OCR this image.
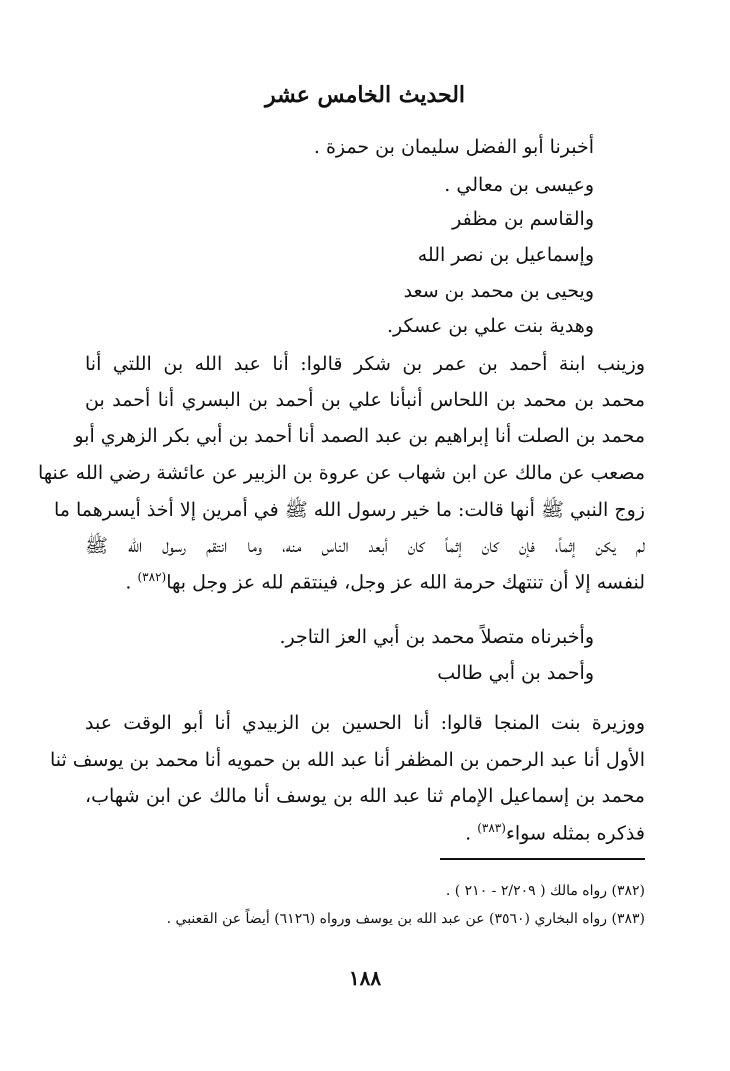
الحديث الخامس عشر
أخبرنا أبو الفضل سليمان بن حمزة .
وعيسى بن معالي .
والقاسم بن مظفر
وإسماعيل بن نصر الله
ويحيى بن محمد بن سعد
وهدية بنت علي بن عسكر.
وزينب ابنة أحمد بن عمر بن شكر قالوا: أنا عبد الله بن اللتي أنا
محمد بن محمد بن اللحاس أنبأنا علي بن أحمد بن البسري أنا أحمد بن
محمد بن الصلت أنا إبراهيم بن عبد الصمد أنا أحمد بن أبي بكر الزهري أبو
مصعب عن مالك عن ابن شهاب عن عروة بن الزبير عن عائشة رضي الله عنها
زوج النبي ﷺ أنها قالت: ما خير رسول الله ﷺ في أمرين إلا أخذ أيسرهما ما
لم يكن إثماً، فإن كان إثماً كان أبعد الناس منه، وما انتقم رسول الله ﷺ
لنفسه إلا أن تنتهك حرمة الله عز وجل، فينتقم لله عز وجل بها$^{(٣٨٢)}$ .
وأخبرناه متصلاً محمد بن أبي العز التاجر.
وأحمد بن أبي طالب
ووزيرة بنت المنجا قالوا: أنا الحسين بن الزبيدي أنا أبو الوقت عبد
الأول أنا عبد الرحمن بن المظفر أنا عبد الله بن حمويه أنا محمد بن يوسف ثنا
محمد بن إسماعيل الإمام ثنا عبد الله بن يوسف أنا مالك عن ابن شهاب،
فذكره بمثله سواء$^{(٣٨٣)}$ .
(٣٨٢) رواه مالك ( ٢/٢٠٩ - ٢١٠ ) .
(٣٨٣) رواه البخاري (٣٥٦٠) عن عبد الله بن يوسف ورواه (٦١٢٦) أيضاً عن القعنبي .
١٨٨
